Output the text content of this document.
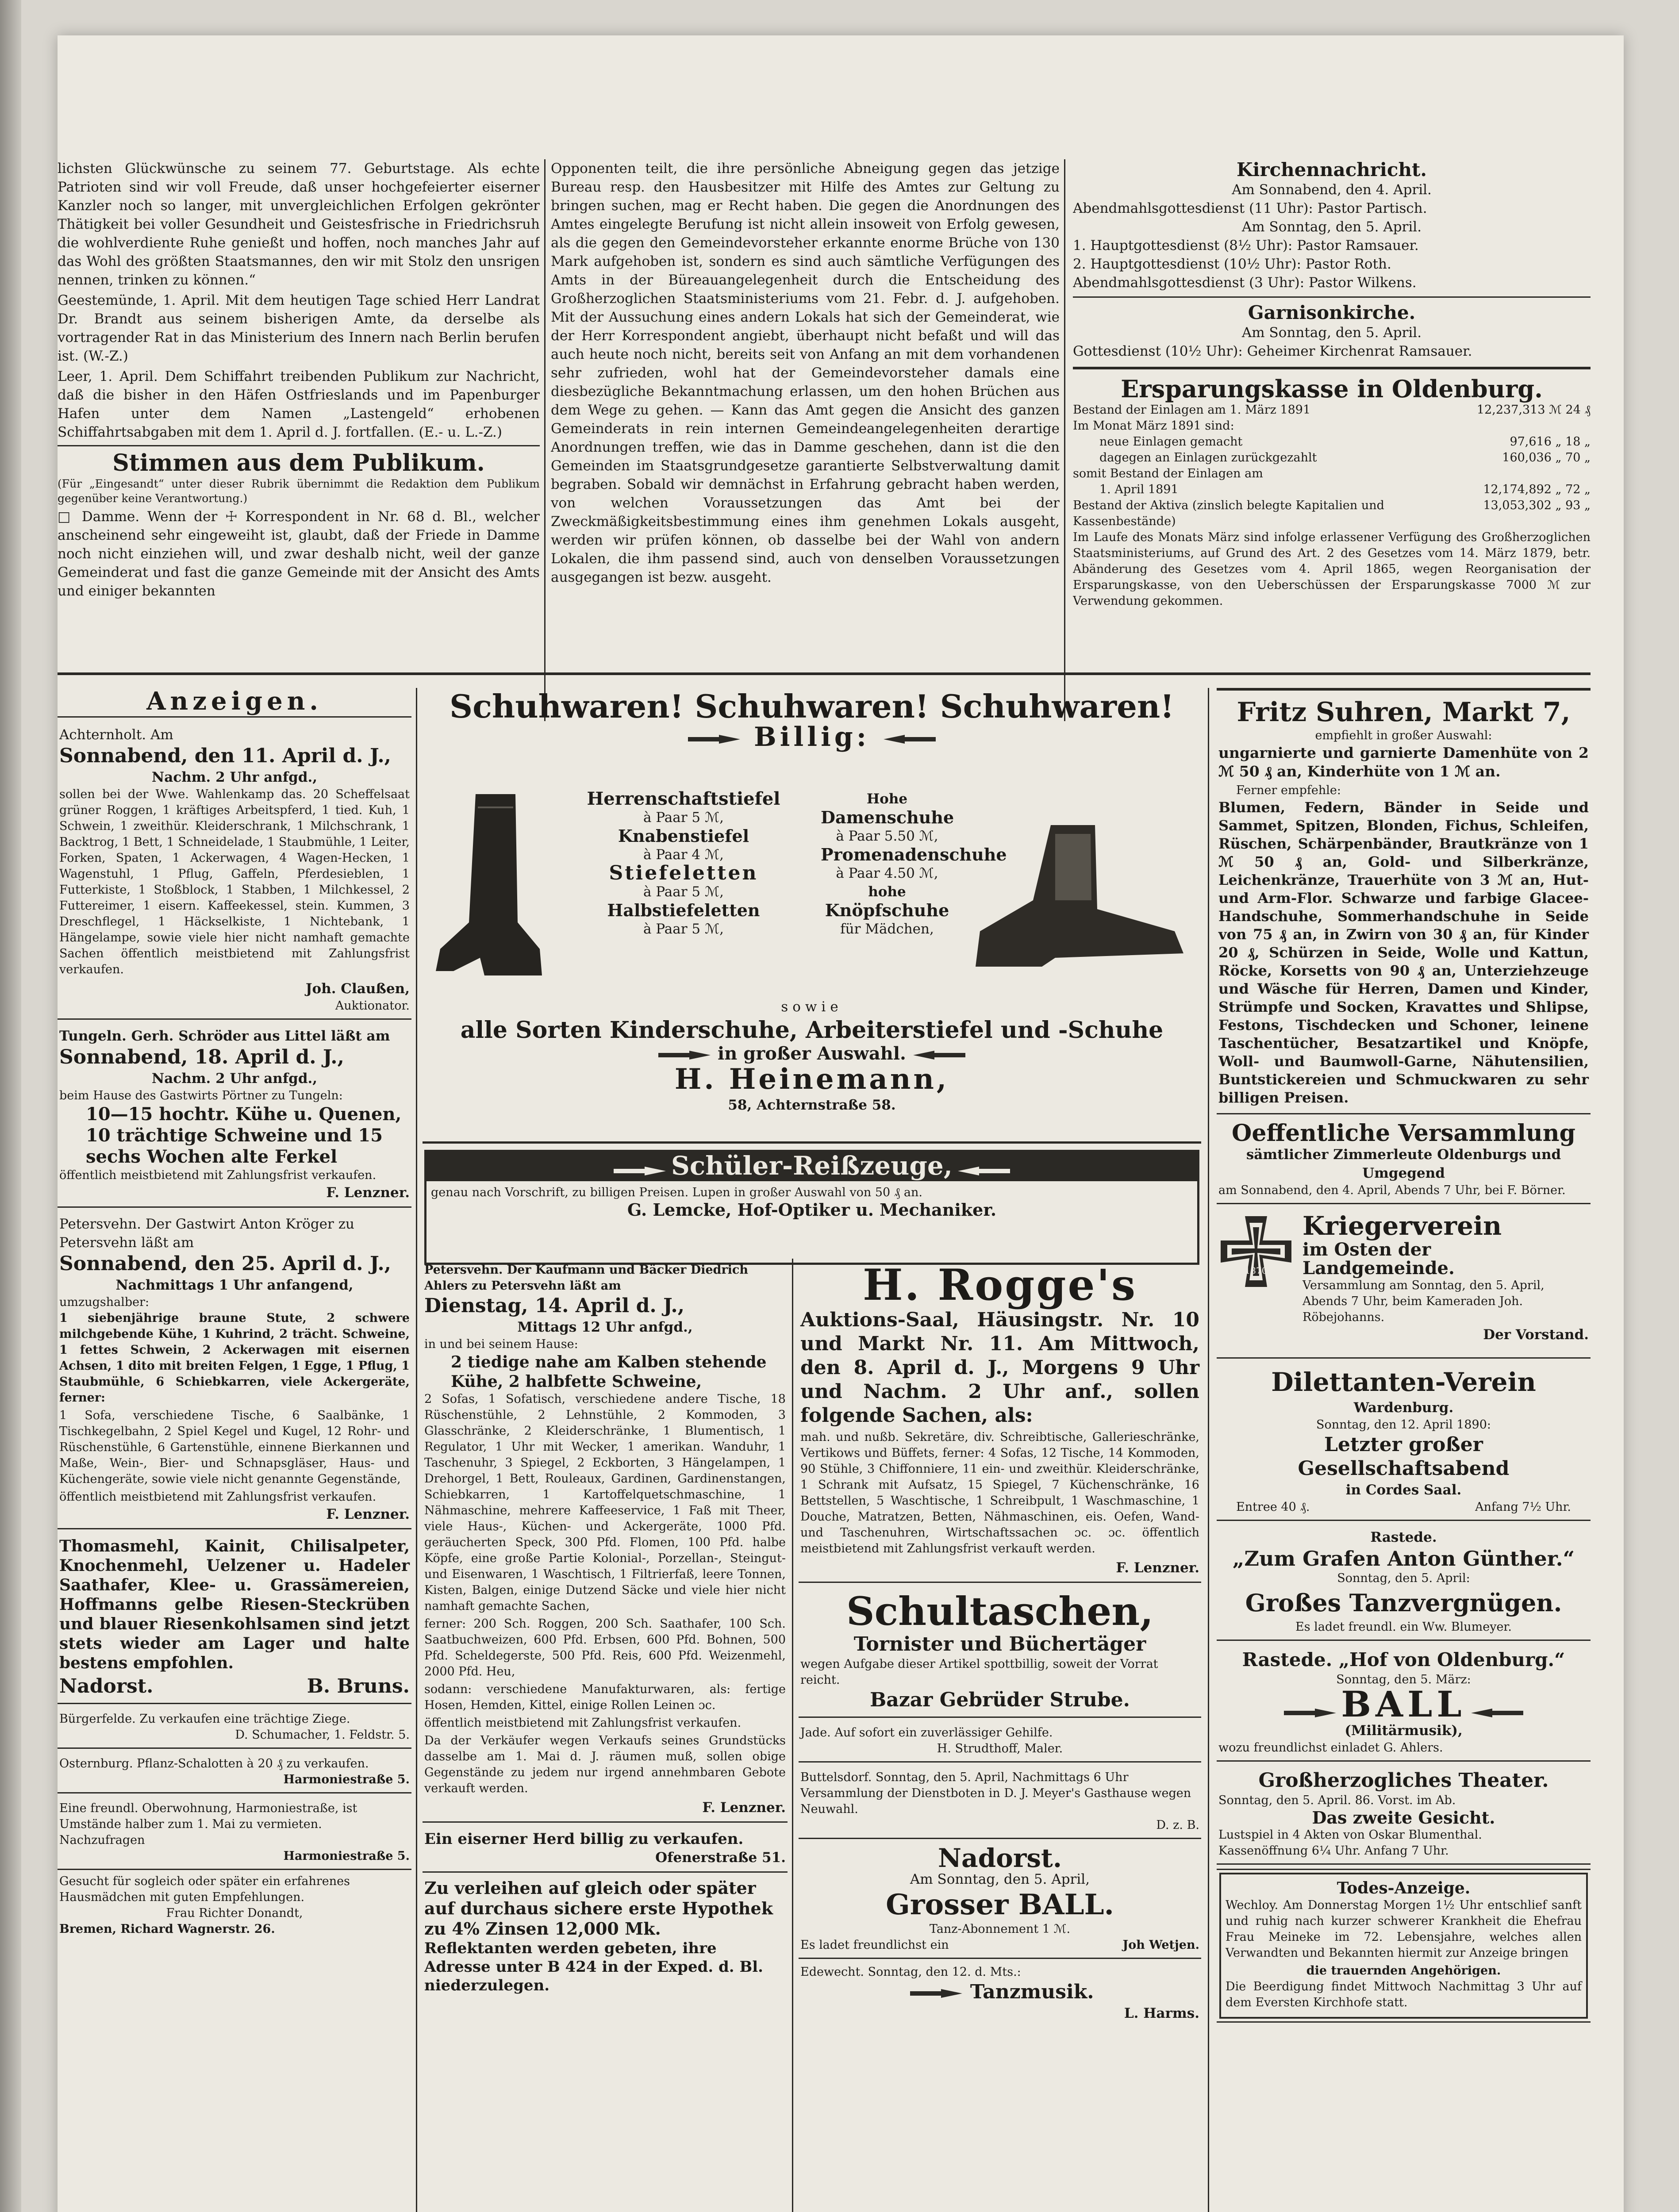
lichsten Glückwünsche zu seinem 77. Geburtstage. Als echte Patrioten sind wir voll Freude, daß unser hochgefeierter eiserner Kanzler noch so langer, mit unvergleichlichen Erfolgen gekrönter Thätigkeit bei voller Gesundheit und Geistesfrische in Friedrichsruh die wohlverdiente Ruhe genießt und hoffen, noch manches Jahr auf das Wohl des größten Staatsmannes, den wir mit Stolz den unsrigen nennen, trinken zu können.“

Geestemünde, 1. April. Mit dem heutigen Tage schied Herr Landrat Dr. Brandt aus seinem bisherigen Amte, da derselbe als vortragender Rat in das Ministerium des Innern nach Berlin berufen ist. (W.-Z.)

Leer, 1. April. Dem Schiffahrt treibenden Publikum zur Nachricht, daß die bisher in den Häfen Ostfrieslands und im Papenburger Hafen unter dem Namen „Lastengeld“ erhobenen Schiffahrtsabgaben mit dem 1. April d. J. fortfallen. (E.- u. L.-Z.)

Stimmen aus dem Publikum.

(Für „Eingesandt“ unter dieser Rubrik übernimmt die Redaktion dem Publikum gegenüber keine Verantwortung.)

□ Damme. Wenn der ☩ Korrespondent in Nr. 68 d. Bl., welcher anscheinend sehr eingeweiht ist, glaubt, daß der Friede in Damme noch nicht einziehen will, und zwar deshalb nicht, weil der ganze Gemeinderat und fast die ganze Gemeinde mit der Ansicht des Amts und einiger bekannten

Opponenten teilt, die ihre persönliche Abneigung gegen das jetzige Bureau resp. den Hausbesitzer mit Hilfe des Amtes zur Geltung zu bringen suchen, mag er Recht haben. Die gegen die Anordnungen des Amtes eingelegte Berufung ist nicht allein insoweit von Erfolg gewesen, als die gegen den Gemeindevorsteher erkannte enorme Brüche von 130 Mark aufgehoben ist, sondern es sind auch sämtliche Verfügungen des Amts in der Büreauangelegenheit durch die Entscheidung des Großherzoglichen Staatsministeriums vom 21. Febr. d. J. aufgehoben. Mit der Aussuchung eines andern Lokals hat sich der Gemeinderat, wie der Herr Korrespondent angiebt, überhaupt nicht befaßt und will das auch heute noch nicht, bereits seit von Anfang an mit dem vorhandenen sehr zufrieden, wohl hat der Gemeindevorsteher damals eine diesbezügliche Bekanntmachung erlassen, um den hohen Brüchen aus dem Wege zu gehen. — Kann das Amt gegen die Ansicht des ganzen Gemeinderats in rein internen Gemeindeangelegenheiten derartige Anordnungen treffen, wie das in Damme geschehen, dann ist die den Gemeinden im Staatsgrundgesetze garantierte Selbstverwaltung damit begraben. Sobald wir demnächst in Erfahrung gebracht haben werden, von welchen Voraussetzungen das Amt bei der Zweckmäßigkeitsbestimmung eines ihm genehmen Lokals ausgeht, werden wir prüfen können, ob dasselbe bei der Wahl von andern Lokalen, die ihm passend sind, auch von denselben Voraussetzungen ausgegangen ist bezw. ausgeht.

Kirchennachricht.
Am Sonnabend, den 4. April.
Abendmahlsgottesdienst (11 Uhr): Pastor Partisch.
Am Sonntag, den 5. April.
1. Hauptgottesdienst (8½ Uhr): Pastor Ramsauer.
2. Hauptgottesdienst (10½ Uhr): Pastor Roth.
Abendmahlsgottesdienst (3 Uhr): Pastor Wilkens.
Garnisonkirche.
Am Sonntag, den 5. April.
Gottesdienst (10½ Uhr): Geheimer Kirchenrat Ramsauer.
Ersparungskasse in Oldenburg.
Bestand der Einlagen am 1. März 1891	12,237,313 ℳ 24 ₰
Im Monat März 1891 sind:
neue Einlagen gemacht	97,616 „ 18 „
dagegen an Einlagen zurückgezahlt	160,036 „ 70 „
somit Bestand der Einlagen am
1. April 1891	12,174,892 „ 72 „
Bestand der Aktiva (zinslich belegte Kapitalien und Kassenbestände)
13,053,302 „ 93 „

Im Laufe des Monats März sind infolge erlassener Verfügung des Großherzoglichen Staatsministeriums, auf Grund des Art. 2 des Gesetzes vom 14. März 1879, betr. Abänderung des Gesetzes vom 4. April 1865, wegen Reorganisation der Ersparungskasse, von den Ueberschüssen der Ersparungskasse 7000 ℳ zur Verwendung gekommen.

Anzeigen.
Achternholt. Am
Sonnabend, den 11. April d. J.,
Nachm. 2 Uhr anfgd.,

sollen bei der Wwe. Wahlenkamp das. 20 Scheffelsaat grüner Roggen, 1 kräftiges Arbeitspferd, 1 tied. Kuh, 1 Schwein, 1 zweithür. Kleiderschrank, 1 Milchschrank, 1 Backtrog, 1 Bett, 1 Schneidelade, 1 Staubmühle, 1 Leiter, Forken, Spaten, 1 Ackerwagen, 4 Wagen-Hecken, 1 Wagenstuhl, 1 Pflug, Gaffeln, Pferdesieblen, 1 Futterkiste, 1 Stoßblock, 1 Stabben, 1 Milchkessel, 2 Futtereimer, 1 eisern. Kaffeekessel, stein. Kummen, 3 Dreschflegel, 1 Häckselkiste, 1 Nichtebank, 1 Hängelampe, sowie viele hier nicht namhaft gemachte Sachen öffentlich meistbietend mit Zahlungsfrist verkaufen.

Joh. Claußen,
Auktionator.
Tungeln. Gerh. Schröder aus Littel läßt am
Sonnabend, 18. April d. J.,
Nachm. 2 Uhr anfgd.,
beim Hause des Gastwirts Pörtner zu Tungeln:
10—15 hochtr. Kühe u. Quenen, 10 trächtige Schweine und 15 sechs Wochen alte Ferkel
öffentlich meistbietend mit Zahlungsfrist verkaufen.
F. Lenzner.
Petersvehn. Der Gastwirt Anton Kröger zu Petersvehn läßt am
Sonnabend, den 25. April d. J.,
Nachmittags 1 Uhr anfangend,
umzugshalber:

1 siebenjährige braune Stute, 2 schwere milchgebende Kühe, 1 Kuhrind, 2 trächt. Schweine, 1 fettes Schwein, 2 Ackerwagen mit eisernen Achsen, 1 dito mit breiten Felgen, 1 Egge, 1 Pflug, 1 Staubmühle, 6 Schiebkarren, viele Ackergeräte, ferner:

1 Sofa, verschiedene Tische, 6 Saalbänke, 1 Tischkegelbahn, 2 Spiel Kegel und Kugel, 12 Rohr- und Rüschenstühle, 6 Gartenstühle, einnene Bierkannen und Maße, Wein-, Bier- und Schnapsgläser, Haus- und Küchengeräte, sowie viele nicht genannte Gegenstände,

öffentlich meistbietend mit Zahlungsfrist verkaufen.
F. Lenzner.

Thomasmehl, Kainit, Chilisalpeter, Knochenmehl, Uelzener u. Hadeler Saathafer, Klee- u. Grassämereien, Hoffmanns gelbe Riesen-Steckrüben und blauer Riesenkohlsamen sind jetzt stets wieder am Lager und halte bestens empfohlen.

Nadorst.	B. Bruns.
Bürgerfelde. Zu verkaufen eine trächtige Ziege.
D. Schumacher, 1. Feldstr. 5.
Osternburg. Pflanz-Schalotten à 20 ₰ zu verkaufen.
Harmoniestraße 5.
Eine freundl. Oberwohnung, Harmoniestraße, ist Umstände halber zum 1. Mai zu vermieten. Nachzufragen
Harmoniestraße 5.
Gesucht für sogleich oder später ein erfahrenes Hausmädchen mit guten Empfehlungen.
Frau Richter Donandt,
Bremen, Richard Wagnerstr. 26.
Schuhwaren! Schuhwaren! Schuhwaren!
Billig:
Herrenschaftstiefel
à Paar 5 ℳ,
Knabenstiefel
à Paar 4 ℳ,
Stiefeletten
à Paar 5 ℳ,
Halbstiefeletten
à Paar 5 ℳ,
Hohe
Damenschuhe
à Paar 5.50 ℳ,
Promenadenschuhe
à Paar 4.50 ℳ,
hohe
Knöpfschuhe
für Mädchen,
sowie
alle Sorten Kinderschuhe, Arbeiterstiefel und -Schuhe
in großer Auswahl.
H. Heinemann,
58, Achternstraße 58.
Schüler-Reißzeuge,
genau nach Vorschrift, zu billigen Preisen. Lupen in großer Auswahl von 50 ₰ an.
G. Lemcke, Hof-Optiker u. Mechaniker.
Petersvehn. Der Kaufmann und Bäcker Diedrich Ahlers zu Petersvehn läßt am
Dienstag, 14. April d. J.,
Mittags 12 Uhr anfgd.,
in und bei seinem Hause:
2 tiedige nahe am Kalben stehende Kühe, 2 halbfette Schweine,

2 Sofas, 1 Sofatisch, verschiedene andere Tische, 18 Rüschenstühle, 2 Lehnstühle, 2 Kommoden, 3 Glasschränke, 2 Kleiderschränke, 1 Blumentisch, 1 Regulator, 1 Uhr mit Wecker, 1 amerikan. Wanduhr, 1 Taschenuhr, 3 Spiegel, 2 Eckborten, 3 Hängelampen, 1 Drehorgel, 1 Bett, Rouleaux, Gardinen, Gardinenstangen, Schiebkarren, 1 Kartoffelquetschmaschine, 1 Nähmaschine, mehrere Kaffeeservice, 1 Faß mit Theer, viele Haus-, Küchen- und Ackergeräte, 1000 Pfd. geräucherten Speck, 300 Pfd. Flomen, 100 Pfd. halbe Köpfe, eine große Partie Kolonial-, Porzellan-, Steingut- und Eisenwaren, 1 Waschtisch, 1 Filtrierfaß, leere Tonnen, Kisten, Balgen, einige Dutzend Säcke und viele hier nicht namhaft gemachte Sachen,

ferner: 200 Sch. Roggen, 200 Sch. Saathafer, 100 Sch. Saatbuchweizen, 600 Pfd. Erbsen, 600 Pfd. Bohnen, 500 Pfd. Scheldegerste, 500 Pfd. Reis, 600 Pfd. Weizenmehl, 2000 Pfd. Heu,

sodann: verschiedene Manufakturwaren, als: fertige Hosen, Hemden, Kittel, einige Rollen Leinen ɔc.

öffentlich meistbietend mit Zahlungsfrist verkaufen.

Da der Verkäufer wegen Verkaufs seines Grundstücks dasselbe am 1. Mai d. J. räumen muß, sollen obige Gegenstände zu jedem nur irgend annehmbaren Gebote verkauft werden.

F. Lenzner.
Ein eiserner Herd billig zu verkaufen.
Ofenerstraße 51.
Zu verleihen auf gleich oder später auf durchaus sichere erste Hypothek zu 4% Zinsen 12,000 Mk.
Reflektanten werden gebeten, ihre Adresse unter B 424 in der Exped. d. Bl. niederzulegen.
H. Rogge's

Auktions-Saal, Häusingstr. Nr. 10 und Markt Nr. 11. Am Mittwoch, den 8. April d. J., Morgens 9 Uhr und Nachm. 2 Uhr anf., sollen folgende Sachen, als:

mah. und nußb. Sekretäre, div. Schreibtische, Gallerieschränke, Vertikows und Büffets, ferner: 4 Sofas, 12 Tische, 14 Kommoden, 90 Stühle, 3 Chiffonniere, 11 ein- und zweithür. Kleiderschränke, 1 Schrank mit Aufsatz, 15 Spiegel, 7 Küchenschränke, 16 Bettstellen, 5 Waschtische, 1 Schreibpult, 1 Waschmaschine, 1 Douche, Matratzen, Betten, Nähmaschinen, eis. Oefen, Wand- und Taschenuhren, Wirtschaftssachen ɔc. ɔc. öffentlich meistbietend mit Zahlungsfrist verkauft werden.

F. Lenzner.
Schultaschen,
Tornister und Büchertäger
wegen Aufgabe dieser Artikel spottbillig, soweit der Vorrat reicht.
Bazar Gebrüder Strube.
Jade. Auf sofort ein zuverlässiger Gehilfe.
H. Strudthoff, Maler.
Buttelsdorf. Sonntag, den 5. April, Nachmittags 6 Uhr Versammlung der Dienstboten in D. J. Meyer's Gasthause wegen Neuwahl.
D. z. B.
Nadorst.
Am Sonntag, den 5. April,
Grosser BALL.
Tanz-Abonnement 1 ℳ.
Es ladet freundlichst ein	Joh Wetjen.
Edewecht. Sonntag, den 12. d. Mts.:
Tanzmusik.
L. Harms.
Fritz Suhren, Markt 7,
empfiehlt in großer Auswahl:

ungarnierte und garnierte Damenhüte von 2 ℳ 50 ₰ an, Kinderhüte von 1 ℳ an.

Ferner empfehle:

Blumen, Federn, Bänder in Seide und Sammet, Spitzen, Blonden, Fichus, Schleifen, Rüschen, Schärpenbänder, Brautkränze von 1 ℳ 50 ₰ an, Gold- und Silberkränze, Leichenkränze, Trauerhüte von 3 ℳ an, Hut- und Arm-Flor. Schwarze und farbige Glacee-Handschuhe, Sommerhandschuhe in Seide von 75 ₰ an, in Zwirn von 30 ₰ an, für Kinder 20 ₰, Schürzen in Seide, Wolle und Kattun, Röcke, Korsetts von 90 ₰ an, Unterziehzeuge und Wäsche für Herren, Damen und Kinder, Strümpfe und Socken, Kravattes und Shlipse, Festons, Tischdecken und Schoner, leinene Taschentücher, Besatzartikel und Knöpfe, Woll- und Baumwoll-Garne, Nähutensilien, Buntstickereien und Schmuckwaren zu sehr billigen Preisen.

Oeffentliche Versammlung
sämtlicher Zimmerleute Oldenburgs und Umgegend
am Sonnabend, den 4. April, Abends 7 Uhr, bei F. Börner.
1870
Kriegerverein
im Osten der Landgemeinde.
Versammlung am Sonntag, den 5. April, Abends 7 Uhr, beim Kameraden Joh. Röbejohanns.
Der Vorstand.
Dilettanten-Verein
Wardenburg.
Sonntag, den 12. April 1890:
Letzter großer Gesellschaftsabend
in Cordes Saal.
Entree 40 ₰.	Anfang 7½ Uhr.
Rastede.
„Zum Grafen Anton Günther.“
Sonntag, den 5. April:
Großes Tanzvergnügen.
Es ladet freundl. ein Ww. Blumeyer.
Rastede. „Hof von Oldenburg.“
Sonntag, den 5. März:
BALL
(Militärmusik),
wozu freundlichst einladet G. Ahlers.
Großherzogliches Theater.
Sonntag, den 5. April. 86. Vorst. im Ab.
Das zweite Gesicht.
Lustspiel in 4 Akten von Oskar Blumenthal.
Kassenöffnung 6¼ Uhr. Anfang 7 Uhr.
Todes-Anzeige.

Wechloy. Am Donnerstag Morgen 1½ Uhr entschlief sanft und ruhig nach kurzer schwerer Krankheit die Ehefrau Frau Meineke im 72. Lebensjahre, welches allen Verwandten und Bekannten hiermit zur Anzeige bringen

die trauernden Angehörigen.

Die Beerdigung findet Mittwoch Nachmittag 3 Uhr auf dem Eversten Kirchhofe statt.
